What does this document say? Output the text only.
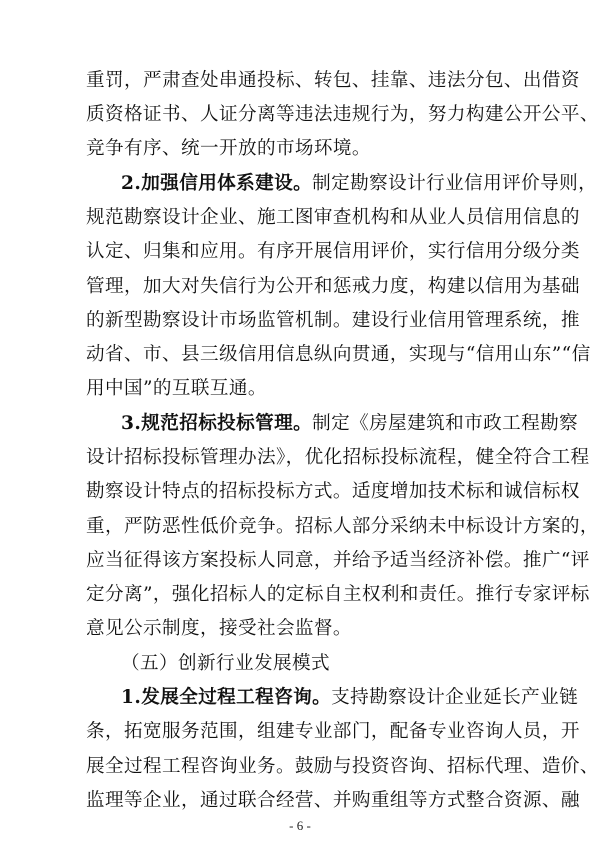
重罚，严肃查处串通投标、转包、挂靠、违法分包、出借资
质资格证书、人证分离等违法违规行为，努力构建公开公平、
竞争有序、统一开放的市场环境。
2.加强信用体系建设。制定勘察设计行业信用评价导则，
规范勘察设计企业、施工图审查机构和从业人员信用信息的
认定、归集和应用。有序开展信用评价，实行信用分级分类
管理，加大对失信行为公开和惩戒力度，构建以信用为基础
的新型勘察设计市场监管机制。建设行业信用管理系统，推
动省、市、县三级信用信息纵向贯通，实现与“信用山东”“信
用中国”的互联互通。
3.规范招标投标管理。制定《房屋建筑和市政工程勘察
设计招标投标管理办法》，优化招标投标流程，健全符合工程
勘察设计特点的招标投标方式。适度增加技术标和诚信标权
重，严防恶性低价竞争。招标人部分采纳未中标设计方案的，
应当征得该方案投标人同意，并给予适当经济补偿。推广“评
定分离”，强化招标人的定标自主权利和责任。推行专家评标
意见公示制度，接受社会监督。
（五）创新行业发展模式
1.发展全过程工程咨询。支持勘察设计企业延长产业链
条，拓宽服务范围，组建专业部门，配备专业咨询人员，开
展全过程工程咨询业务。鼓励与投资咨询、招标代理、造价、
监理等企业，通过联合经营、并购重组等方式整合资源、融
- 6 -
